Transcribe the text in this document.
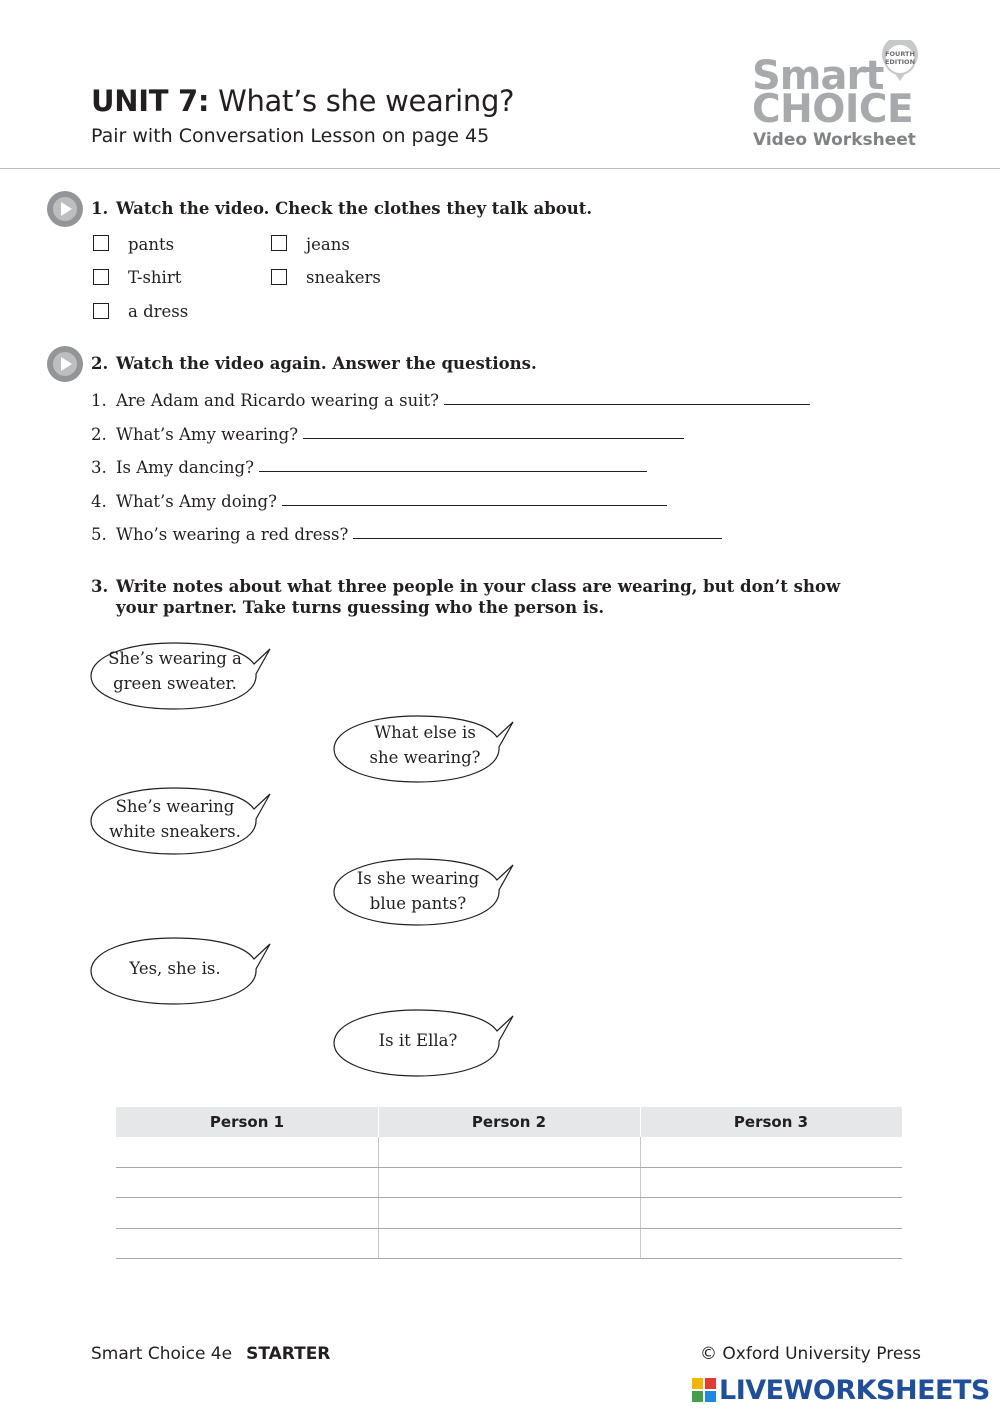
UNIT 7: What’s she wearing?
Pair with Conversation Lesson on page 45
Smart
CHOICE
Video Worksheet
FOURTH
EDITION
1. Watch the video. Check the clothes they talk about.
pants	jeans
T-shirt	sneakers
a dress
2. Watch the video again. Answer the questions.
1. Are Adam and Ricardo wearing a suit?
2. What’s Amy wearing?
3. Is Amy dancing?
4. What’s Amy doing?
5. Who’s wearing a red dress?
3. Write notes about what three people in your class are wearing, but don’t show
your partner. Take turns guessing who the person is.
She’s wearing a
green sweater.
What else is
she wearing?
She’s wearing
white sneakers.
Is she wearing
blue pants?
Yes, she is.
Is it Ella?
Person 1	Person 2	Person 3
Smart Choice 4e STARTER	© Oxford University Press
LIVEWORKSHEETS
